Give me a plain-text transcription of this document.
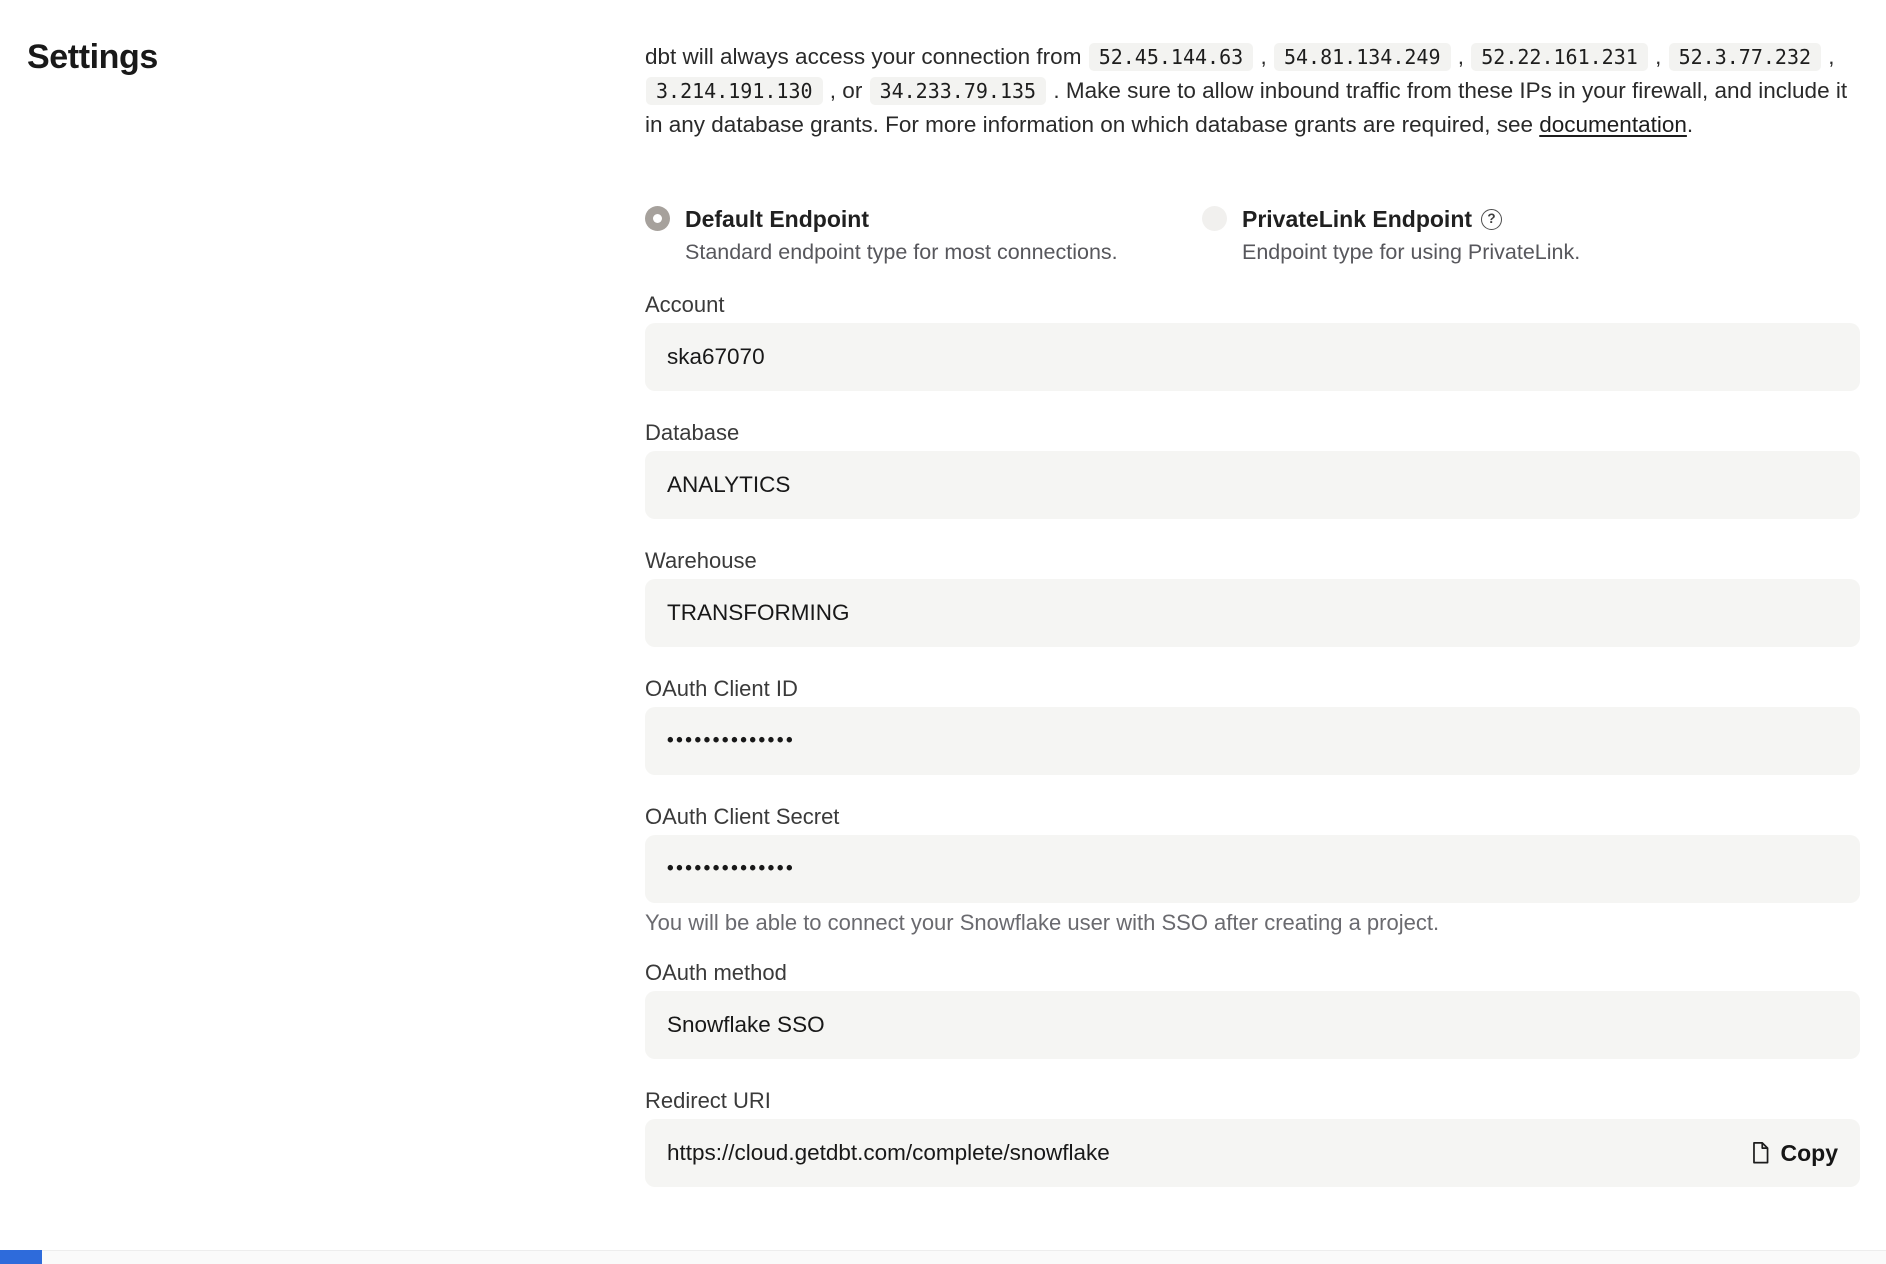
Settings	dbt will always access your connection from 52.45.144.63 , 54.81.134.249 , 52.22.161.231 , 52.3.77.232 , 3.214.191.130 , or 34.233.79.135 . Make sure to allow inbound traffic from these IPs in your firewall, and include it in any database grants. For more information on which database grants are required, see documentation.

Default Endpoint
Standard endpoint type for most connections.
PrivateLink Endpoint	?
Endpoint type for using PrivateLink.
Account
ska67070
Database
ANALYTICS
Warehouse
TRANSFORMING
OAuth Client ID
••••••••••••••
OAuth Client Secret
••••••••••••••
You will be able to connect your Snowflake user with SSO after creating a project.
OAuth method
Snowflake SSO
Redirect URI
https://cloud.getdbt.com/complete/snowflake	Copy
